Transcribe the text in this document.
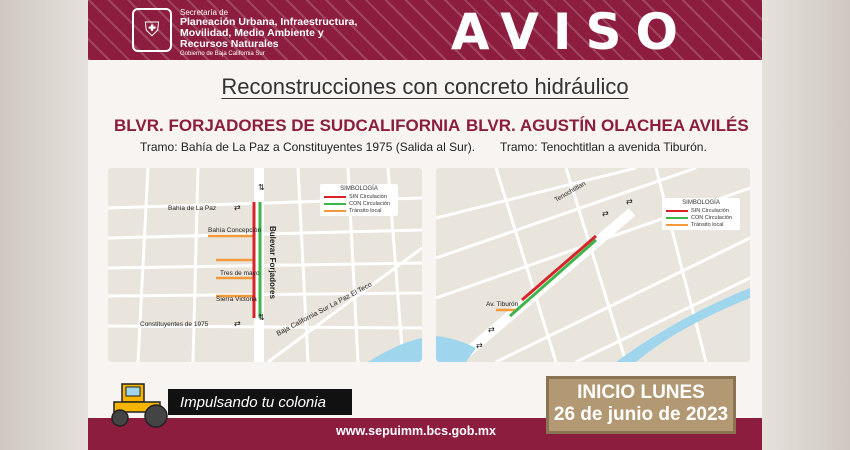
⛨
Secretaría de
Planeación Urbana, Infraestructura,
Movilidad, Medio Ambiente y
Recursos Naturales
Gobierno de Baja California Sur	AVISO
Reconstrucciones con concreto hidráulico
BLVR. FORJADORES DE SUDCALIFORNIA
Tramo: Bahía de La Paz a Constituyentes 1975 (Salida al Sur).
BLVR. AGUSTÍN OLACHEA AVILÉS
Tramo: Tenochtitlan a avenida Tiburón.
Bahía de La Paz
Bahía Concepción
Tres de mayo
Sierra Victoria
Constituyentes de 1975
Bulevar Forjadores
Baja California Sur La Paz El Teco
⇅
⇄
⇅
⇄
SIMBOLOGÍA
SIN Circulación
CON Circulación
Tránsito local
Tenochtitlan
Av. Tiburón
⇄
⇄
⇄
⇄
SIMBOLOGÍA
SIN Circulación
CON Circulación
Tránsito local
www.sepuimm.bcs.gob.mx
Impulsando tu colonia	INICIO LUNES
26 de junio de 2023
